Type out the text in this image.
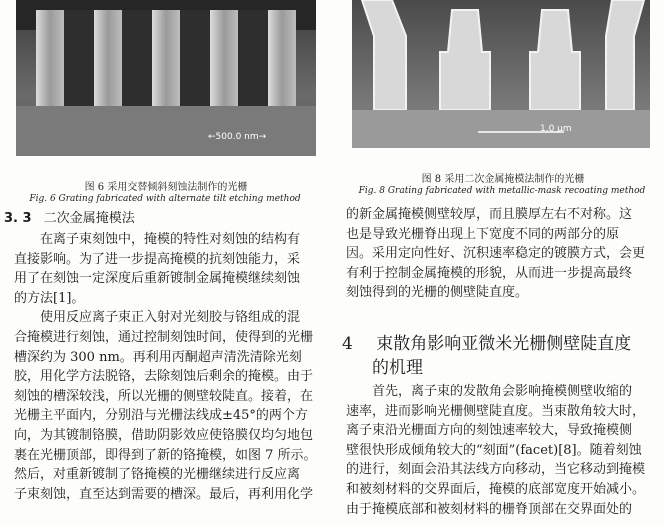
←500.0 nm→
图 6 采用交替倾斜刻蚀法制作的光栅
Fig. 6 Grating fabricated with alternate tilt etching method
1.0 μm
图 8 采用二次金属掩模法制作的光栅
Fig. 8 Grating fabricated with metallic-mask recoating method
3. 3 二次金属掩模法
在离子束刻蚀中，掩模的特性对刻蚀的结构有
直接影响。为了进一步提高掩模的抗刻蚀能力，采
用了在刻蚀一定深度后重新镀制金属掩模继续刻蚀
的方法[1]。
使用反应离子束正入射对光刻胶与铬组成的混
合掩模进行刻蚀，通过控制刻蚀时间，使得到的光栅
槽深约为 300 nm。再利用丙酮超声清洗清除光刻
胶，用化学方法脱铬，去除刻蚀后剩余的掩模。由于
刻蚀的槽深较浅，所以光栅的侧壁较陡直。接着，在
光栅主平面内，分别沿与光栅法线成±45°的两个方
向，为其镀制铬膜，借助阴影效应使铬膜仅均匀地包
裹在光栅顶部，即得到了新的铬掩模，如图 7 所示。
然后，对重新镀制了铬掩模的光栅继续进行反应离
子束刻蚀，直至达到需要的槽深。最后，再利用化学
的新金属掩模侧壁较厚，而且膜厚左右不对称。这
也是导致光栅脊出现上下宽度不同的两部分的原
因。采用定向性好、沉积速率稳定的镀膜方式，会更
有利于控制金属掩模的形貌，从而进一步提高最终
刻蚀得到的光栅的侧壁陡直度。
4 束散角影响亚微米光栅侧壁陡直度
的机理
首先，离子束的发散角会影响掩模侧壁收缩的
速率，进而影响光栅侧壁陡直度。当束散角较大时，
离子束沿光栅面方向的刻蚀速率较大，导致掩模侧
壁很快形成倾角较大的“刻面”(facet)[8]。随着刻蚀
的进行，刻面会沿其法线方向移动，当它移动到掩模
和被刻材料的交界面后，掩模的底部宽度开始减小。
由于掩模底部和被刻材料的栅脊顶部在交界面处的
